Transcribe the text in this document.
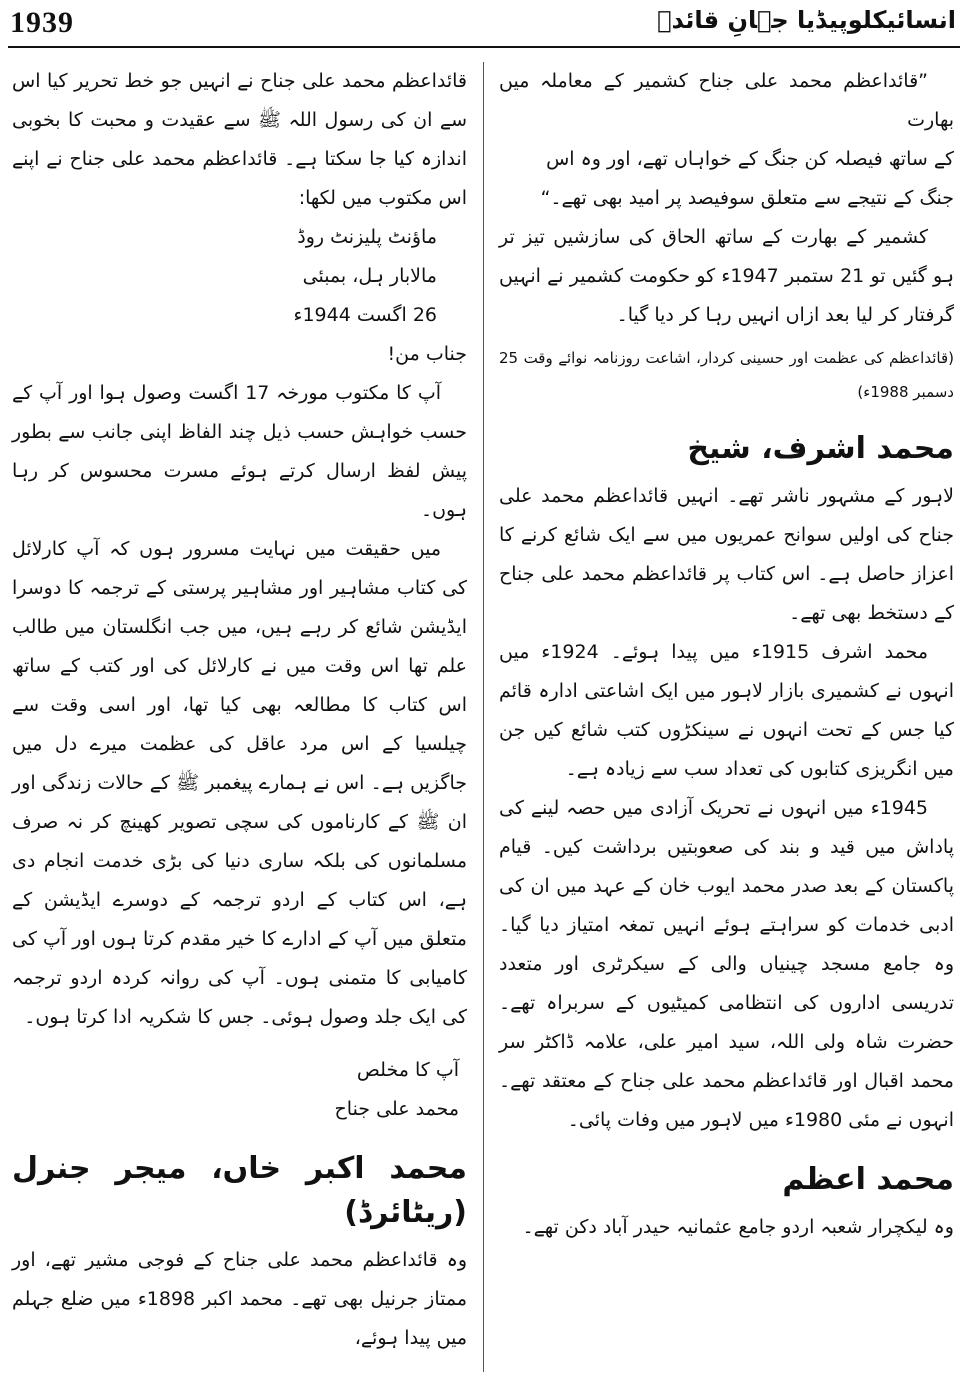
1939	انسائیکلوپیڈیا جہانِ قائدؒ

”قائداعظم محمد علی جناح کشمیر کے معاملہ میں بھارت

کے ساتھ فیصلہ کن جنگ کے خواہاں تھے، اور وہ اس

جنگ کے نتیجے سے متعلق سوفیصد پر امید بھی تھے۔“

کشمیر کے بھارت کے ساتھ الحاق کی سازشیں تیز تر ہو گئیں تو 21 ستمبر 1947ء کو حکومت کشمیر نے انہیں گرفتار کر لیا بعد ازاں انہیں رہا کر دیا گیا۔

(قائداعظم کی عظمت اور حسینی کردار، اشاعت روزنامہ نوائے وقت 25 دسمبر 1988ء)

محمد اشرف، شیخ

لاہور کے مشہور ناشر تھے۔ انہیں قائداعظم محمد علی جناح کی اولیں سوانح عمریوں میں سے ایک شائع کرنے کا اعزاز حاصل ہے۔ اس کتاب پر قائداعظم محمد علی جناح کے دستخط بھی تھے۔

محمد اشرف 1915ء میں پیدا ہوئے۔ 1924ء میں انہوں نے کشمیری بازار لاہور میں ایک اشاعتی ادارہ قائم کیا جس کے تحت انہوں نے سینکڑوں کتب شائع کیں جن میں انگریزی کتابوں کی تعداد سب سے زیادہ ہے۔

1945ء میں انہوں نے تحریک آزادی میں حصہ لینے کی پاداش میں قید و بند کی صعوبتیں برداشت کیں۔ قیام پاکستان کے بعد صدر محمد ایوب خان کے عہد میں ان کی ادبی خدمات کو سراہتے ہوئے انہیں تمغہ امتیاز دیا گیا۔ وہ جامع مسجد چینیاں والی کے سیکرٹری اور متعدد تدریسی اداروں کی انتظامی کمیٹیوں کے سربراہ تھے۔ حضرت شاہ ولی اللہ، سید امیر علی، علامہ ڈاکٹر سر محمد اقبال اور قائداعظم محمد علی جناح کے معتقد تھے۔ انہوں نے مئی 1980ء میں لاہور میں وفات پائی۔

محمد اعظم

وہ لیکچرار شعبہ اردو جامع عثمانیہ حیدر آباد دکن تھے۔

قائداعظم محمد علی جناح نے انہیں جو خط تحریر کیا اس سے ان کی رسول اللہ ﷺ سے عقیدت و محبت کا بخوبی اندازہ کیا جا سکتا ہے۔ قائداعظم محمد علی جناح نے اپنے اس مکتوب میں لکھا:

ماؤنٹ پلیزنٹ روڈ

مالابار ہل، بمبئی

26 اگست 1944ء

جناب من!

آپ کا مکتوب مورخہ 17 اگست وصول ہوا اور آپ کے حسب خواہش حسب ذیل چند الفاظ اپنی جانب سے بطور پیش لفظ ارسال کرتے ہوئے مسرت محسوس کر رہا ہوں۔

میں حقیقت میں نہایت مسرور ہوں کہ آپ کارلائل کی کتاب مشاہیر اور مشاہیر پرستی کے ترجمہ کا دوسرا ایڈیشن شائع کر رہے ہیں، میں جب انگلستان میں طالب علم تھا اس وقت میں نے کارلائل کی اور کتب کے ساتھ اس کتاب کا مطالعہ بھی کیا تھا، اور اسی وقت سے چیلسیا کے اس مرد عاقل کی عظمت میرے دل میں جاگزیں ہے۔ اس نے ہمارے پیغمبر ﷺ کے حالات زندگی اور ان ﷺ کے کارناموں کی سچی تصویر کھینچ کر نہ صرف مسلمانوں کی بلکہ ساری دنیا کی بڑی خدمت انجام دی ہے، اس کتاب کے اردو ترجمہ کے دوسرے ایڈیشن کے متعلق میں آپ کے ادارے کا خیر مقدم کرتا ہوں اور آپ کی کامیابی کا متمنی ہوں۔ آپ کی روانہ کردہ اردو ترجمہ کی ایک جلد وصول ہوئی۔ جس کا شکریہ ادا کرتا ہوں۔

آپ کا مخلص

محمد علی جناح

محمد اکبر خاں، میجر جنرل (ریٹائرڈ)

وہ قائداعظم محمد علی جناح کے فوجی مشیر تھے، اور ممتاز جرنیل بھی تھے۔ محمد اکبر 1898ء میں ضلع جہلم میں پیدا ہوئے،
